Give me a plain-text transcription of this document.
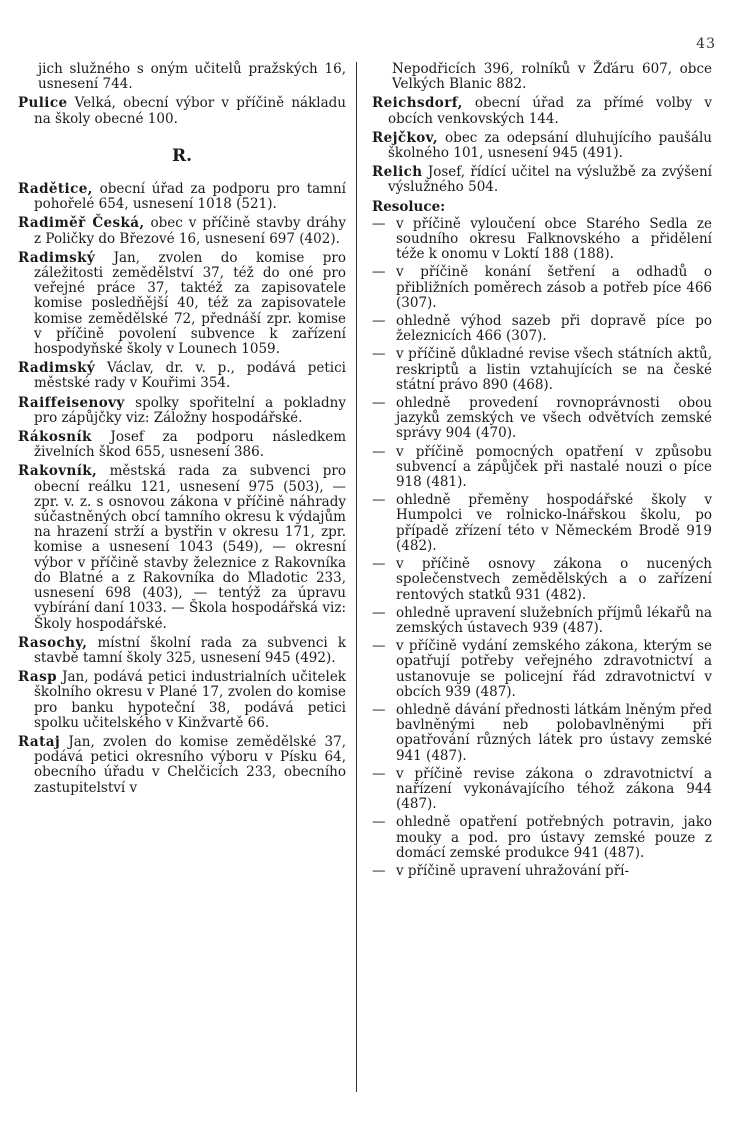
43

jich služného s oným učitelů pražských 16, usnesení 744.

Pulice Velká, obecní výbor v příčině nákladu na školy obecné 100.

R.

Radětice, obecní úřad za podporu pro tamní pohořelé 654, usnesení 1018 (521).

Radiměř Česká, obec v příčině stavby dráhy z Poličky do Březové 16, usnesení 697 (402).

Radimský Jan, zvolen do komise pro záležitosti zemědělství 37, též do oné pro veřejné práce 37, taktéž za zapisovatele komise posledňější 40, též za zapisovatele komise zemědělské 72, přednáší zpr. komise v příčině povolení subvence k zařízení hospodyňské školy v Lounech 1059.

Radimský Václav, dr. v. p., podává petici městské rady v Kouřimi 354.

Raiffeisenovy spolky spořitelní a pokladny pro zápůjčky viz: Záložny hospodářské.

Rákosník Josef za podporu následkem živelních škod 655, usnesení 386.

Rakovník, městská rada za subvenci pro obecní reálku 121, usnesení 975 (503), — zpr. v. z. s osnovou zákona v příčině náhrady súčastněných obcí tamního okresu k výdajům na hrazení strží a bystřin v okresu 171, zpr. komise a usnesení 1043 (549), — okresní výbor v příčině stavby železnice z Rakovníka do Blatné a z Rakovníka do Mladotic 233, usnesení 698 (403), — tentýž za úpravu vybírání daní 1033. — Škola hospodářská viz: Školy hospodářské.

Rasochy, místní školní rada za subvenci k stavbě tamní školy 325, usnesení 945 (492).

Rasp Jan, podává petici industrialních učitelek školního okresu v Plané 17, zvolen do komise pro banku hypoteční 38, podává petici spolku učitelského v Kinžvartě 66.

Rataj Jan, zvolen do komise zemědělské 37, podává petici okresního výboru v Písku 64, obecního úřadu v Chelčicích 233, obecního zastupitelství v

Nepodřicích 396, rolníků v Žďáru 607, obce Velkých Blanic 882.

Reichsdorf, obecní úřad za přímé volby v obcích venkovských 144.

Rejčkov, obec za odepsání dluhujícího paušálu školného 101, usnesení 945 (491).

Relich Josef, řídící učitel na výslužbě za zvýšení výslužného 504.

Resoluce:

— v příčině vyloučení obce Starého Sedla ze soudního okresu Falknovského a přidělení téže k onomu v Loktí 188 (188).

— v příčině konání šetření a odhadů o přibližních poměrech zásob a potřeb píce 466 (307).

— ohledně výhod sazeb při dopravě píce po železnicích 466 (307).

— v příčině důkladné revise všech státních aktů, reskriptů a listin vztahujících se na české státní právo 890 (468).

— ohledně provedení rovnoprávnosti obou jazyků zemských ve všech odvětvích zemské správy 904 (470).

— v příčině pomocných opatření v způsobu subvencí a zápůjček při nastalé nouzi o píce 918 (481).

— ohledně přeměny hospodářské školy v Humpolci ve rolnicko-lnářskou školu, po případě zřízení této v Německém Brodě 919 (482).

— v příčině osnovy zákona o nucených společenstvech zemědělských a o zařízení rentových statků 931 (482).

— ohledně upravení služebních příjmů lékařů na zemských ústavech 939 (487).

— v příčině vydání zemského zákona, kterým se opatřují potřeby veřejného zdravotnictví a ustanovuje se policejní řád zdravotnictví v obcích 939 (487).

— ohledně dávání přednosti látkám lněným před bavlněnými neb polobavlněnými při opatřování různých látek pro ústavy zemské 941 (487).

— v příčině revise zákona o zdravotnictví a nařízení vykonávajícího téhož zákona 944 (487).

— ohledně opatření potřebných potravin, jako mouky a pod. pro ústavy zemské pouze z domácí zemské produkce 941 (487).

— v příčině upravení uhražování pří-
